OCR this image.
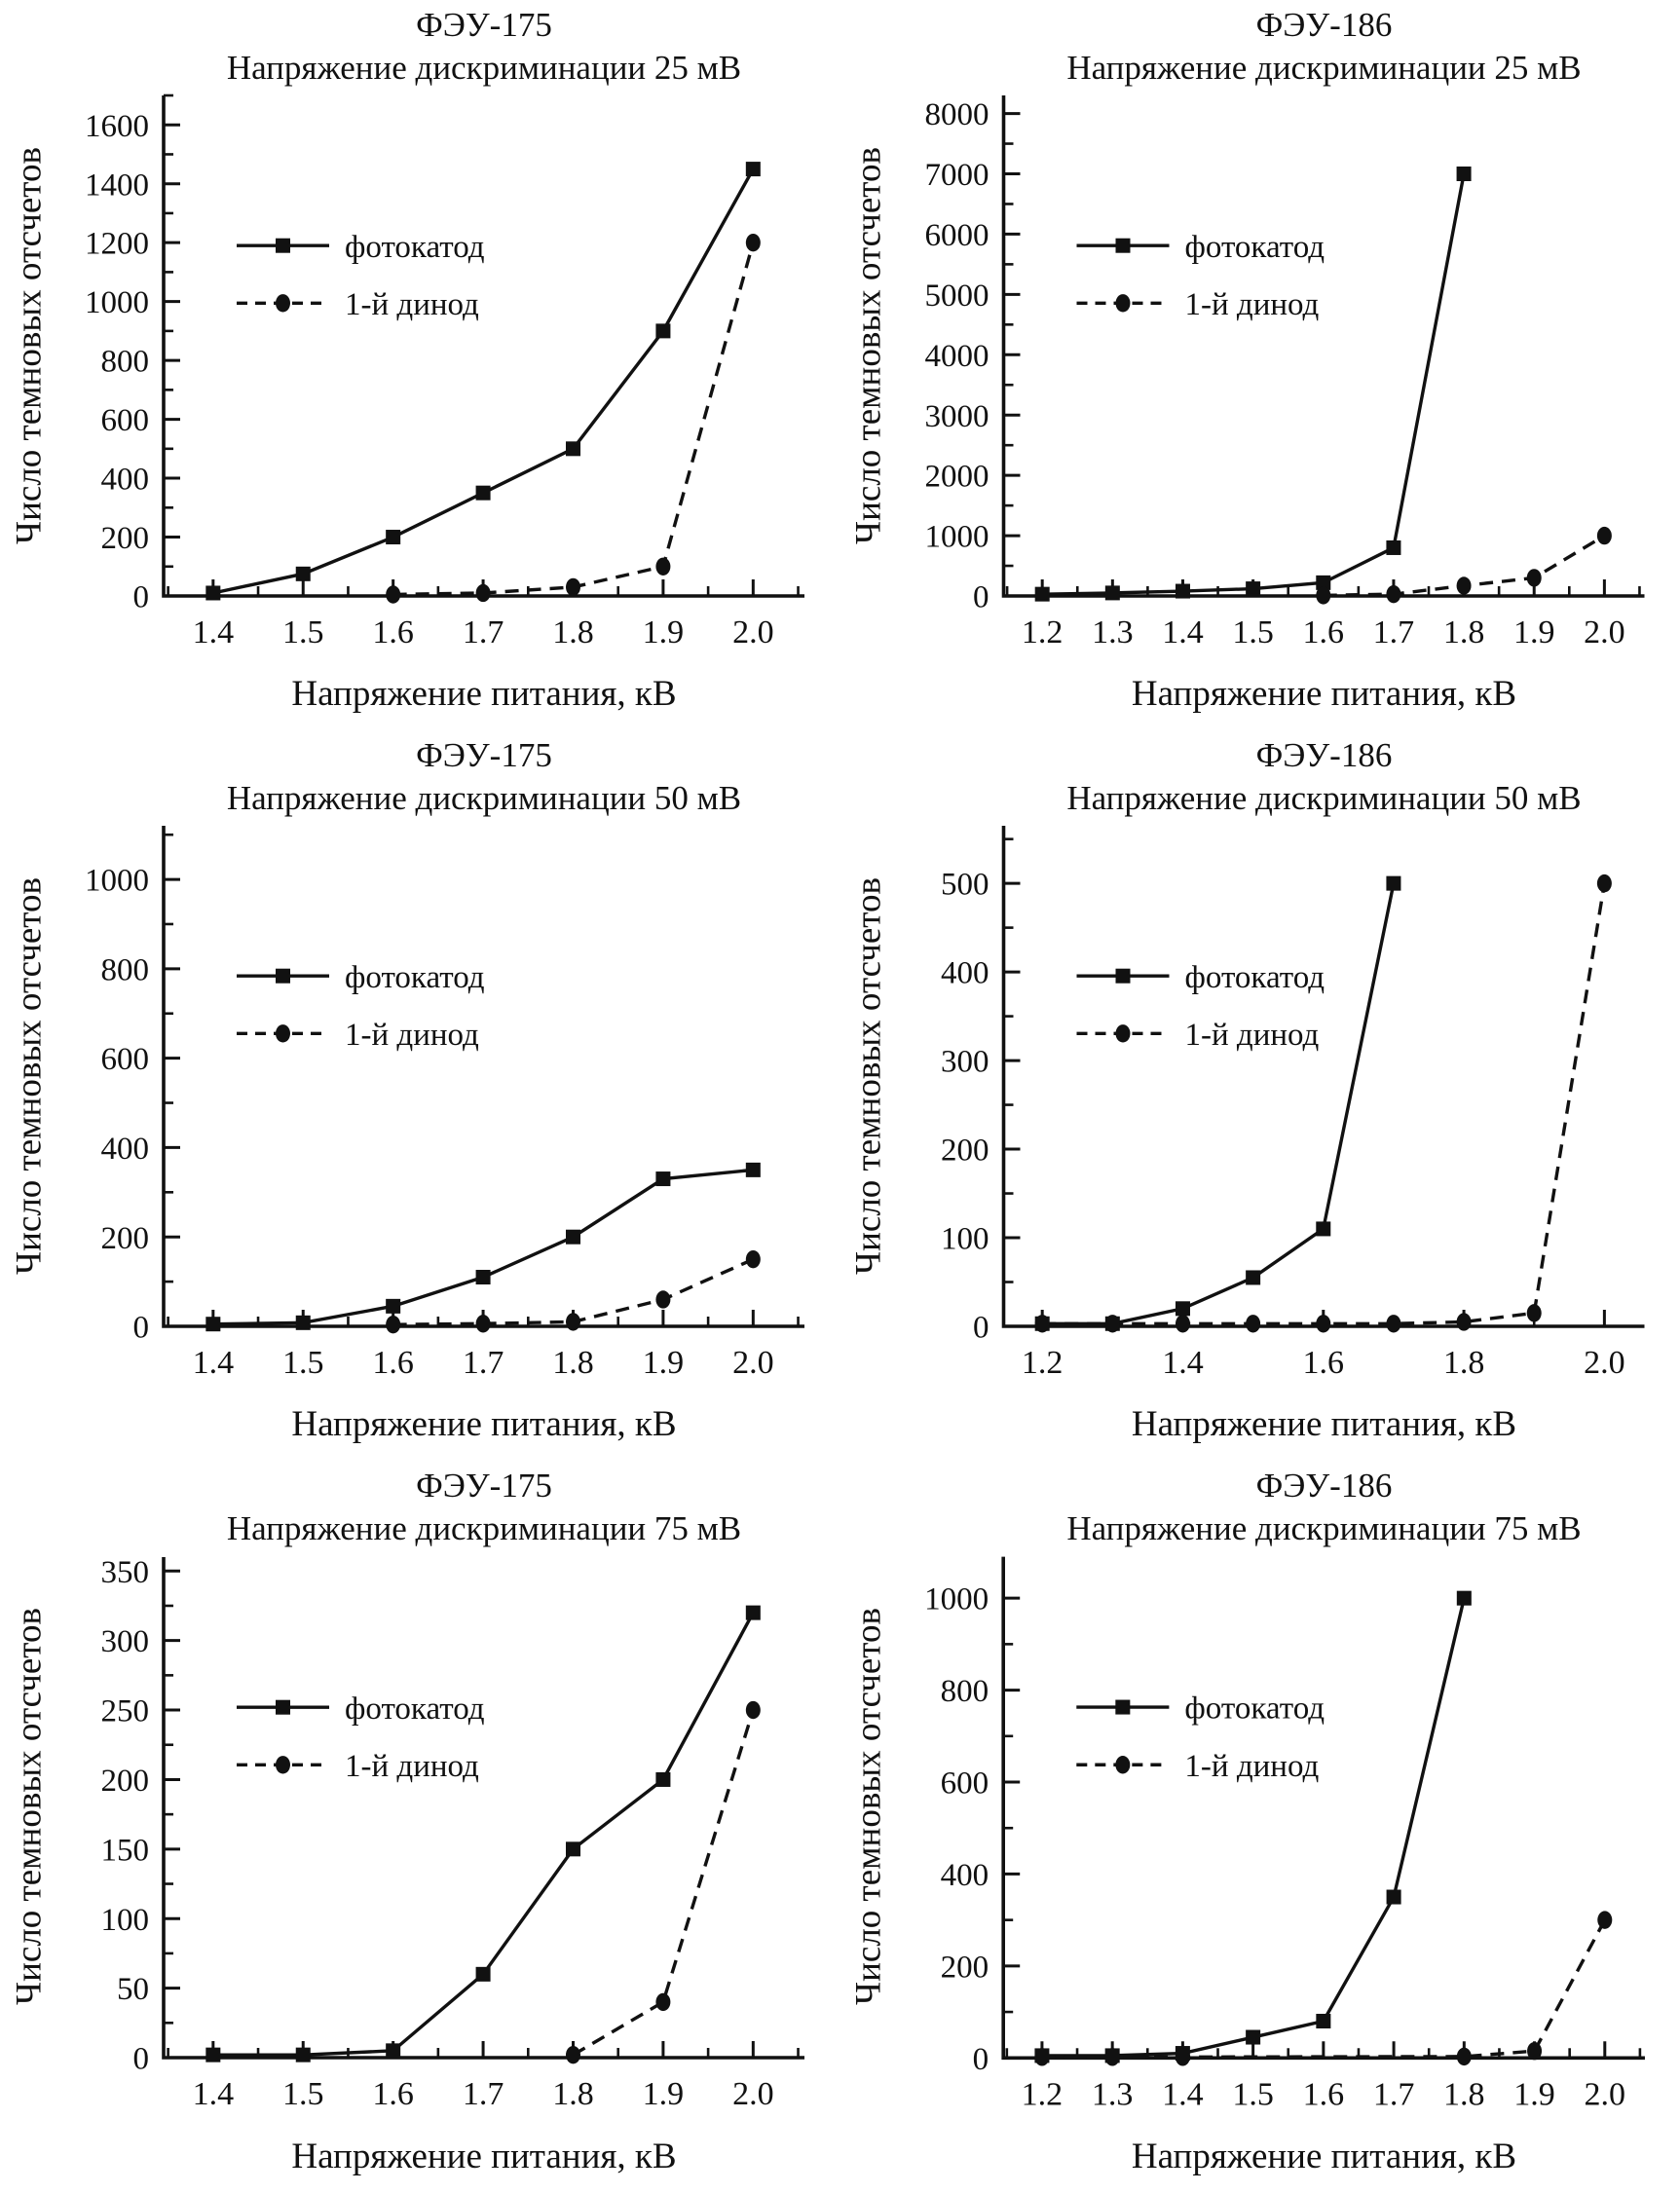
ФЭУ-175
Напряжение дискриминации 25 мВ
Число темновых отсчетов
0
200
400
600
800
1000
1200
1400
1600
1.4 1.5 1.6 1.7 1.8 1.9 2.0
фотокатод
1-й динод
Напряжение питания, кВ
ФЭУ-186
Напряжение дискриминации 25 мВ
Число темновых отсчетов
0
1000
2000
3000
4000
5000
6000
7000
8000
1.2 1.3 1.4 1.5 1.6 1.7 1.8 1.9 2.0
фотокатод
1-й динод
Напряжение питания, кВ
ФЭУ-175
Напряжение дискриминации 50 мВ
Число темновых отсчетов
0
200
400
600
800
1000
1.4 1.5 1.6 1.7 1.8 1.9 2.0
фотокатод
1-й динод
Напряжение питания, кВ
ФЭУ-186
Напряжение дискриминации 50 мВ
Число темновых отсчетов
0
100
200
300
400
500
1.2	1.4	1.6	1.8	2.0
фотокатод
1-й динод
Напряжение питания, кВ
ФЭУ-175
Напряжение дискриминации 75 мВ
Число темновых отсчетов
0
50
100
150
200
250
300
350
1.4 1.5 1.6 1.7 1.8 1.9 2.0
фотокатод
1-й динод
Напряжение питания, кВ
ФЭУ-186
Напряжение дискриминации 75 мВ
Число темновых отсчетов
0
200
400
600
800
1000
1.2 1.3 1.4 1.5 1.6 1.7 1.8 1.9 2.0
фотокатод
1-й динод
Напряжение питания, кВ
